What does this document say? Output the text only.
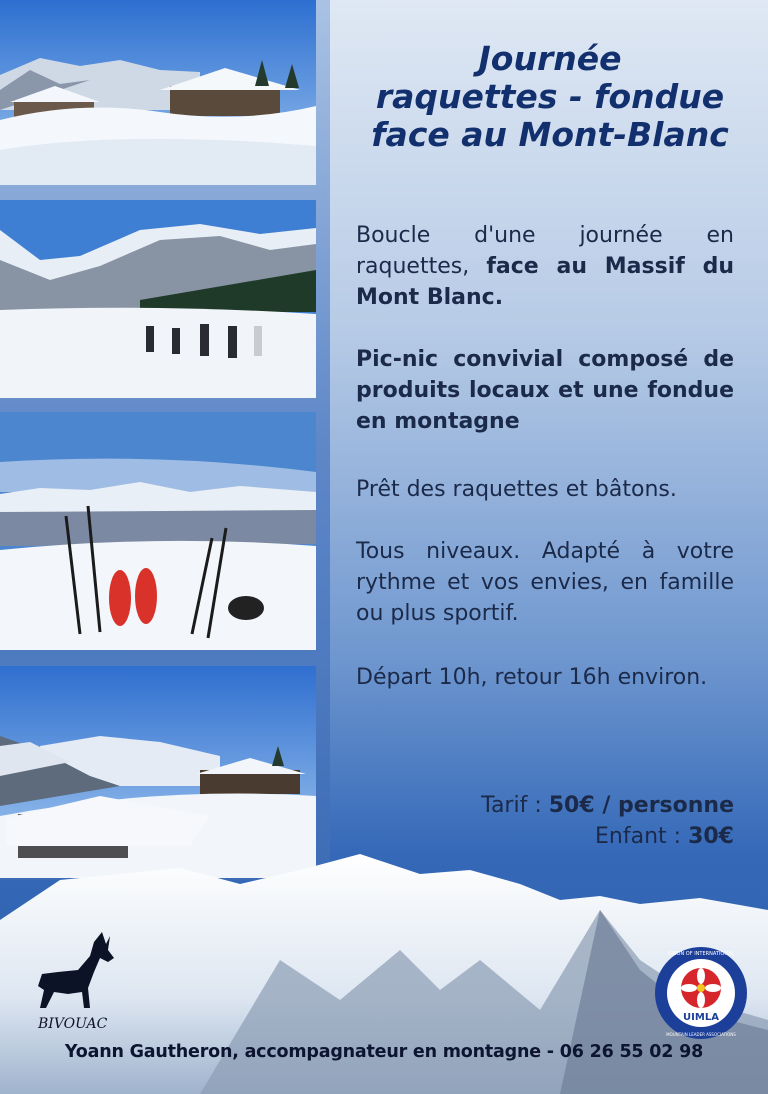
Journée
raquettes - fondue
face au Mont-Blanc

Boucle d'une journée en raquettes, face au Massif du Mont Blanc.

Pic-nic convivial composé de produits locaux et une fondue en montagne

Prêt des raquettes et bâtons.

Tous niveaux. Adapté à votre rythme et vos envies, en famille ou plus sportif.

Départ 10h, retour 16h environ.

Tarif : 50€ / personne
Enfant : 30€
BIVOUAC	UIMLA
UNION OF INTERNATIONAL
MOUNTAIN LEADER ASSOCIATIONS
Yoann Gautheron, accompagnateur en montagne - 06 26 55 02 98
